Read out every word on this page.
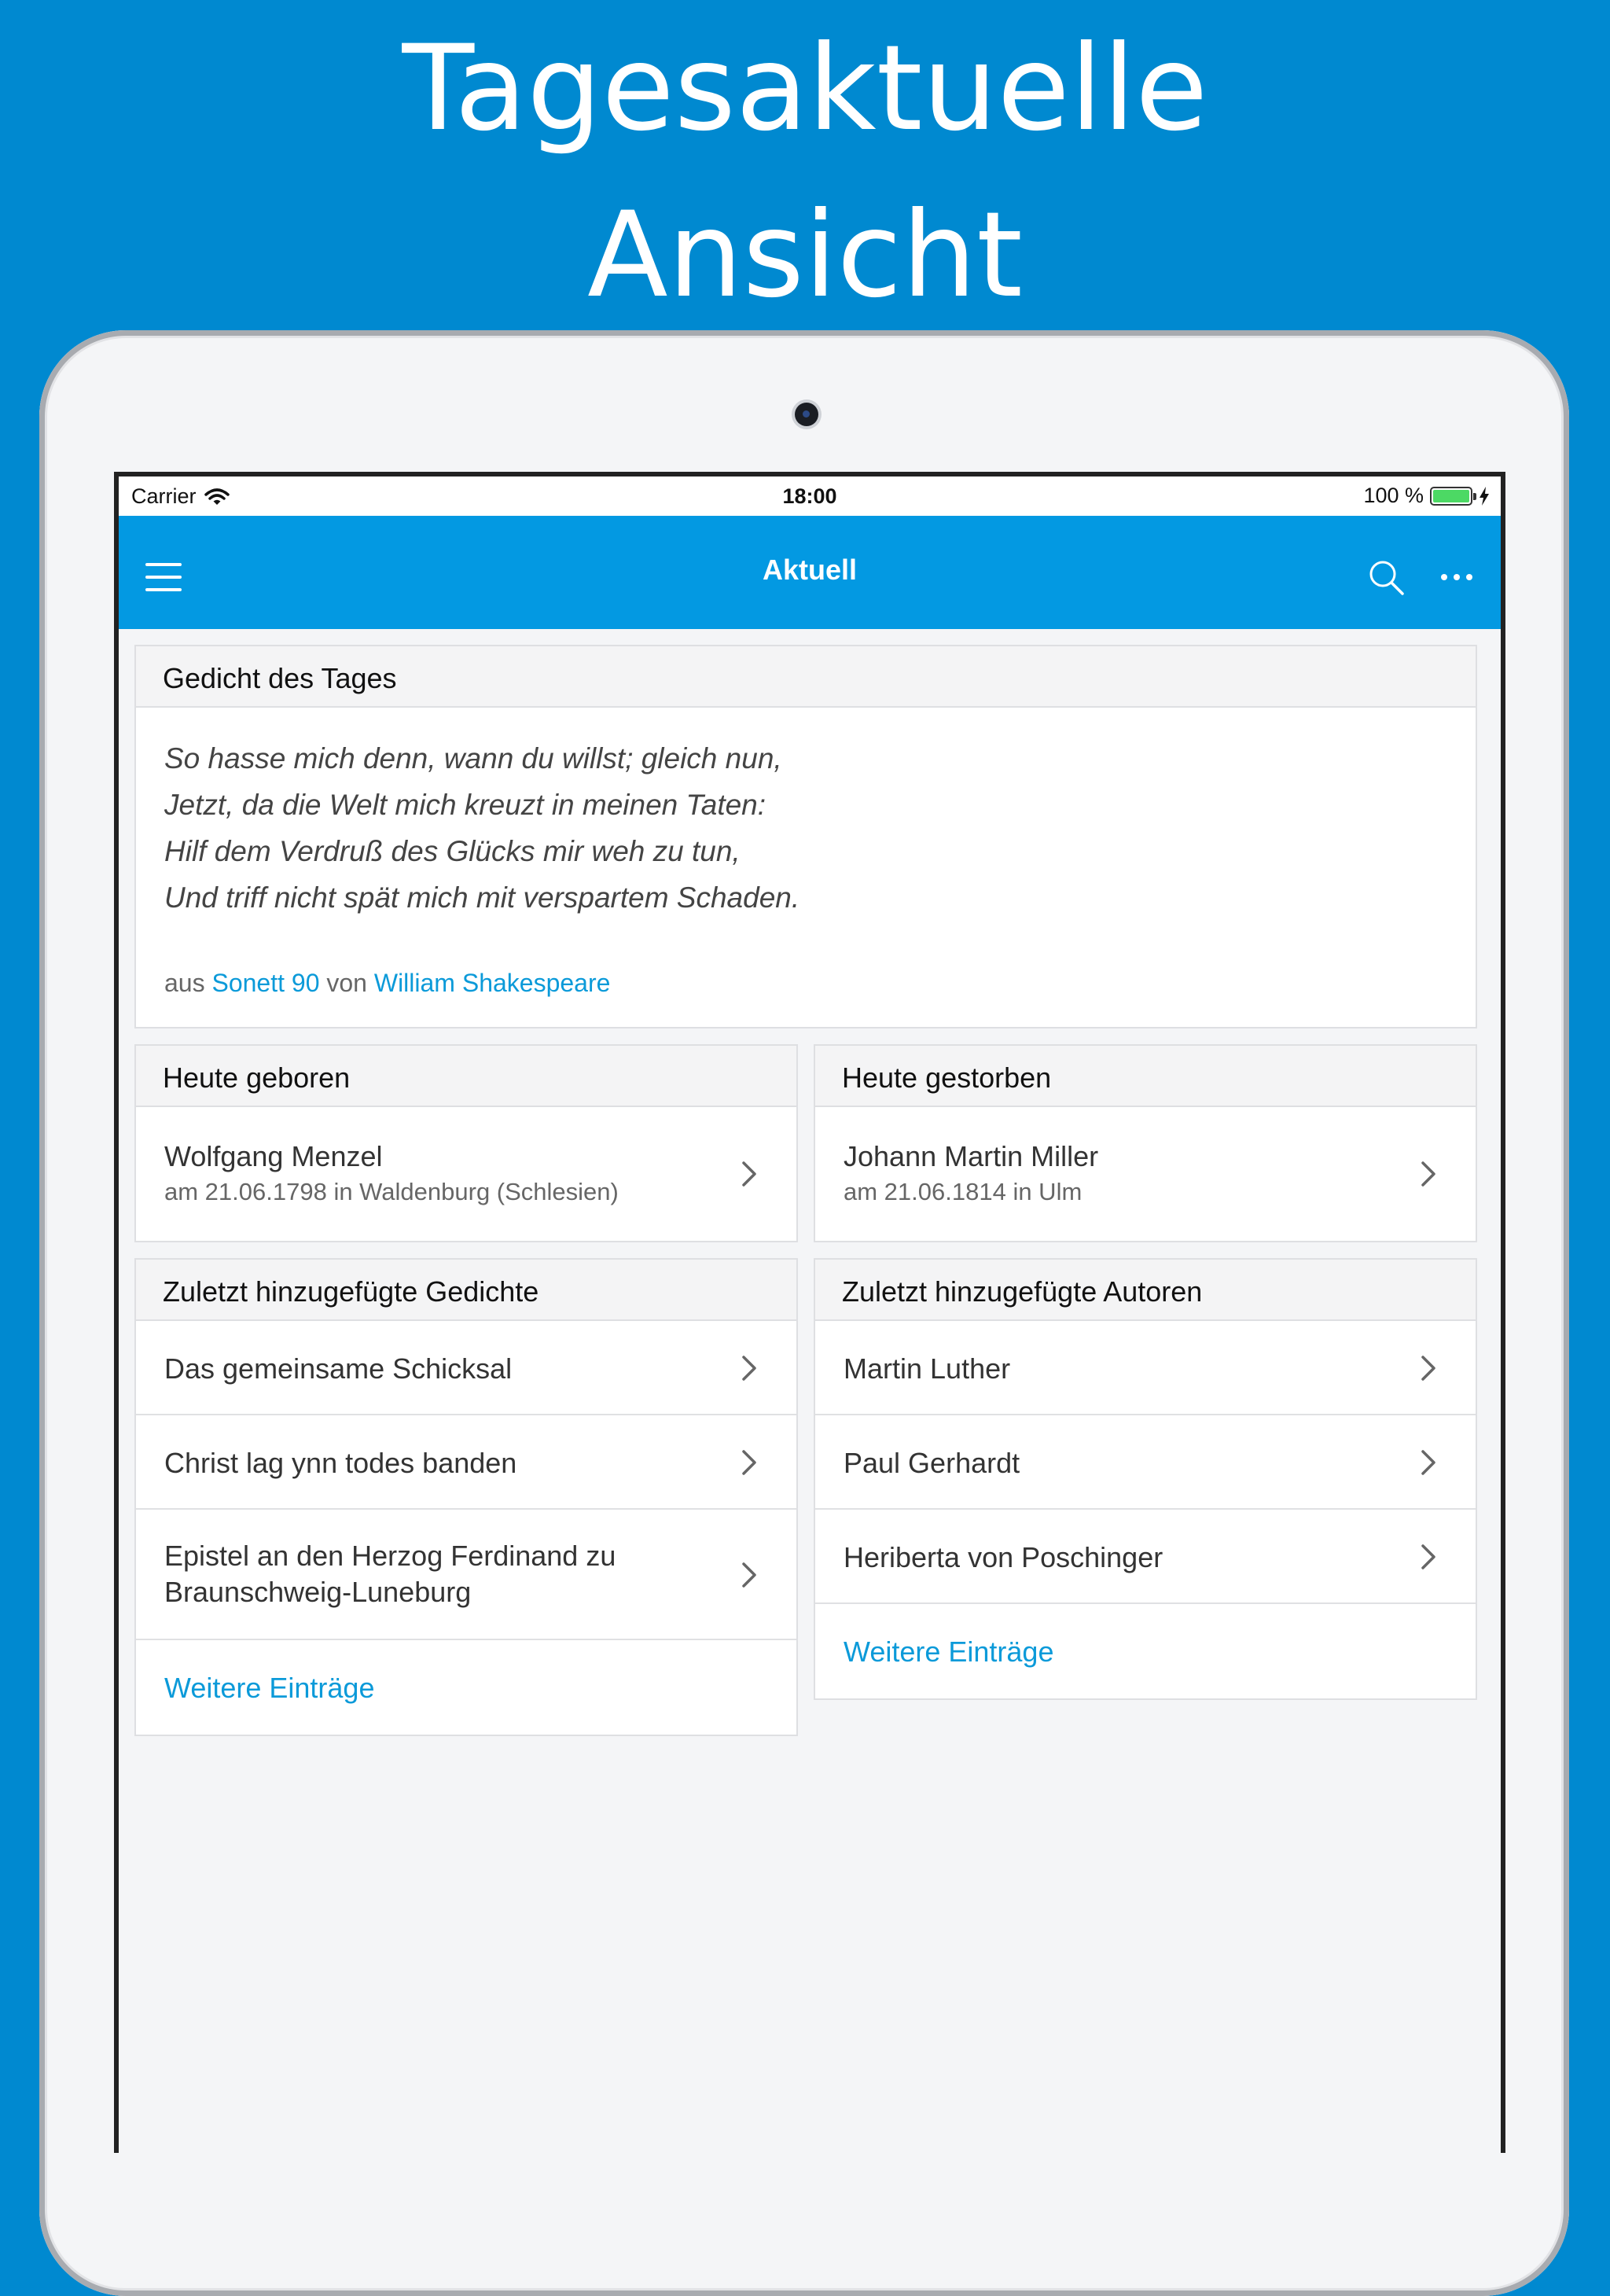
Tagesaktuelle
Ansicht
Carrier	18:00	100 %
Aktuell
Gedicht des Tages
So hasse mich denn, wann du willst; gleich nun,
Jetzt, da die Welt mich kreuzt in meinen Taten:
Hilf dem Verdruß des Glücks mir weh zu tun,
Und triff nicht spät mich mit verspartem Schaden.
aus Sonett 90 von William Shakespeare
Heute geboren
Wolfgang Menzel
am 21.06.1798 in Waldenburg (Schlesien)
Heute gestorben
Johann Martin Miller
am 21.06.1814 in Ulm
Zuletzt hinzugefügte Gedichte
Das gemeinsame Schicksal
Christ lag ynn todes banden
Epistel an den Herzog Ferdinand zu
Braunschweig-Luneburg
Weitere Einträge
Zuletzt hinzugefügte Autoren
Martin Luther
Paul Gerhardt
Heriberta von Poschinger
Weitere Einträge
